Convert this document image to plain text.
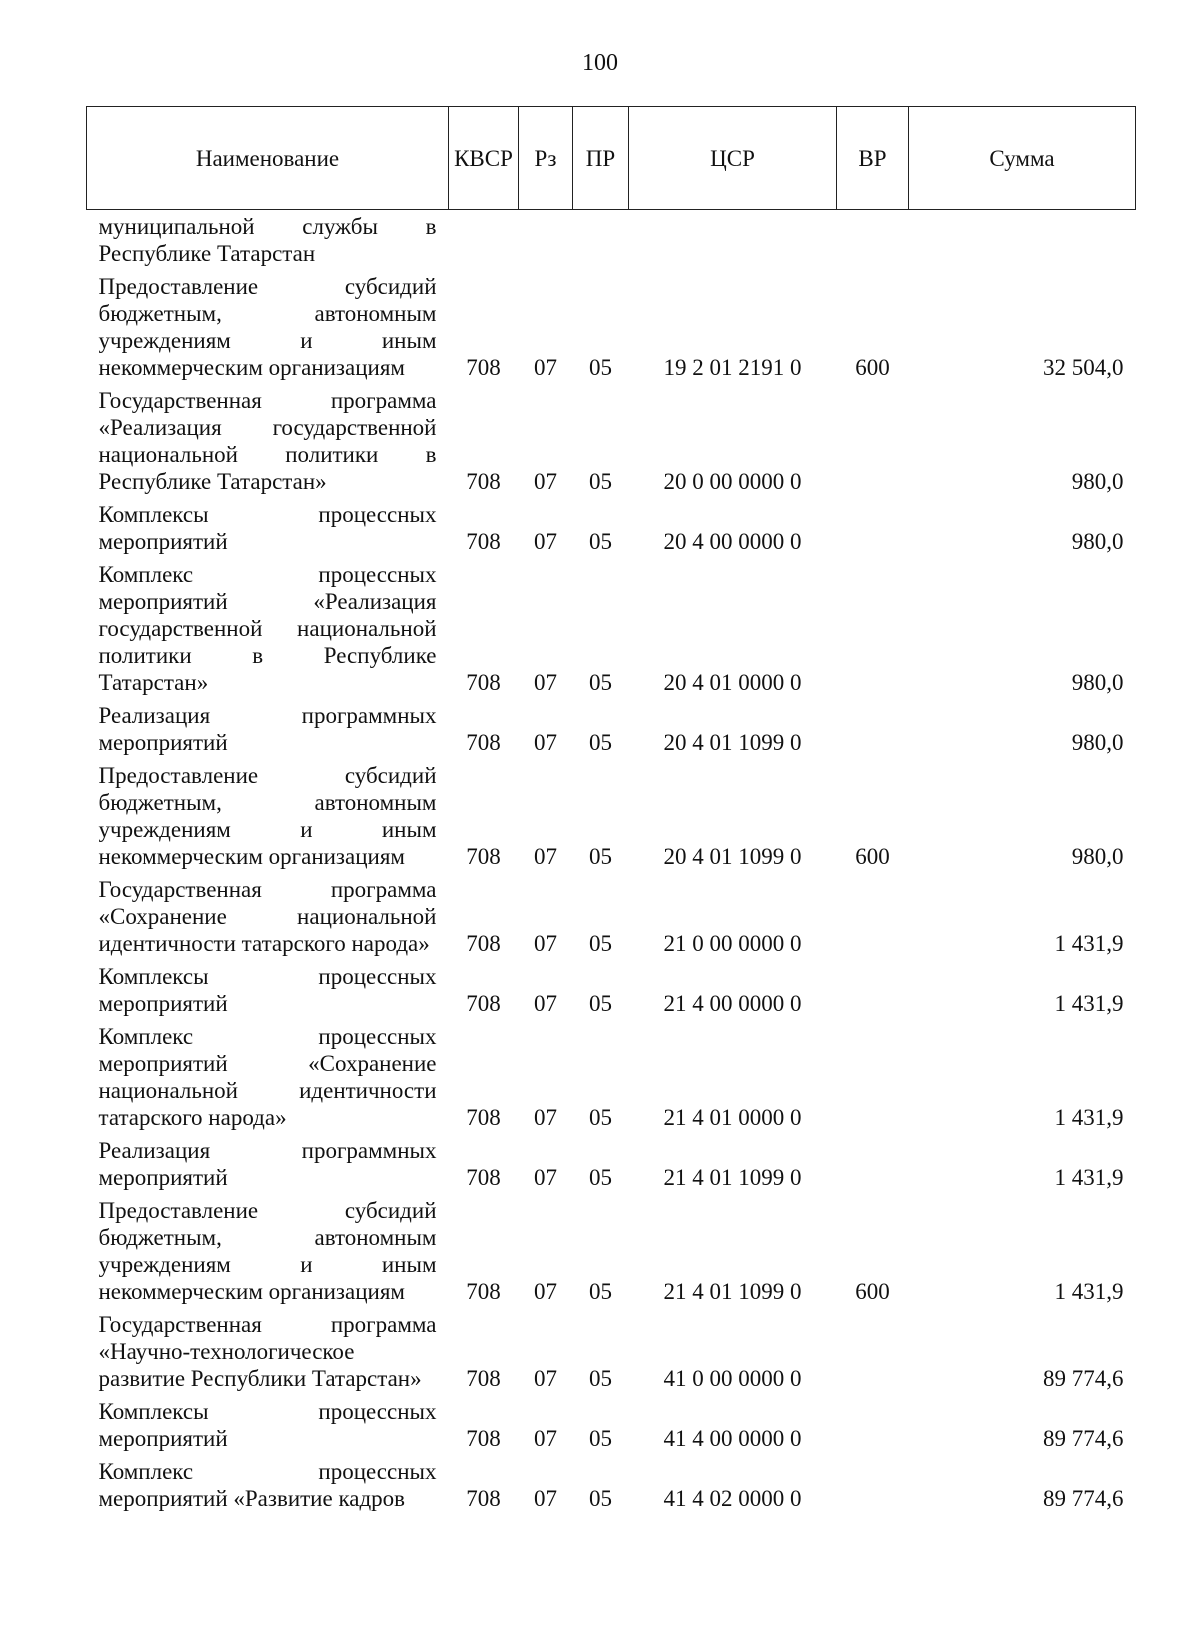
100
Наименование	КВСР	Рз	ПР	ЦСР	ВР	Сумма
муниципальной службы в Республике Татарстан						
Предоставление субсидий бюджетным, автономным учреждениям и иным некоммерческим организациям	708	07	05	19 2 01 2191 0	600	32 504,0
Государственная программа «Реализация государственной национальной политики в Республике Татарстан»	708	07	05	20 0 00 0000 0		980,0
Комплексы процессных мероприятий	708	07	05	20 4 00 0000 0		980,0
Комплекс процессных мероприятий «Реализация государственной национальной политики в Республике Татарстан»	708	07	05	20 4 01 0000 0		980,0
Реализация программных мероприятий	708	07	05	20 4 01 1099 0		980,0
Предоставление субсидий бюджетным, автономным учреждениям и иным некоммерческим организациям	708	07	05	20 4 01 1099 0	600	980,0
Государственная программа «Сохранение национальной идентичности татарского народа»	708	07	05	21 0 00 0000 0		1 431,9
Комплексы процессных мероприятий	708	07	05	21 4 00 0000 0		1 431,9
Комплекс процессных мероприятий «Сохранение национальной идентичности татарского народа»	708	07	05	21 4 01 0000 0		1 431,9
Реализация программных мероприятий	708	07	05	21 4 01 1099 0		1 431,9
Предоставление субсидий бюджетным, автономным учреждениям и иным некоммерческим организациям	708	07	05	21 4 01 1099 0	600	1 431,9
Государственная программа «Научно-технологическое развитие Республики Татарстан»	708	07	05	41 0 00 0000 0		89 774,6
Комплексы процессных мероприятий	708	07	05	41 4 00 0000 0		89 774,6
Комплекс процессных мероприятий «Развитие кадров	708	07	05	41 4 02 0000 0		89 774,6
